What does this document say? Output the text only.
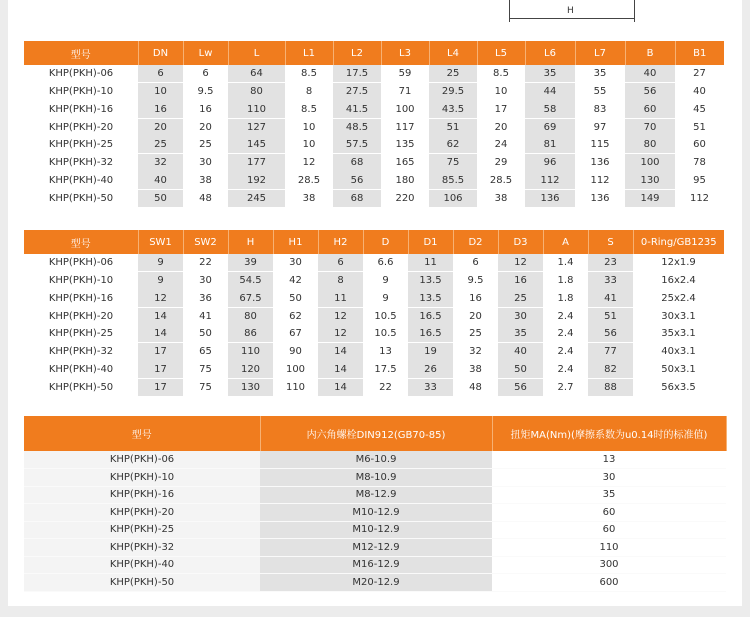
H
型号	DN	Lw	L	L1	L2	L3	L4	L5	L6	L7	B	B1
KHP(PKH)-06	6	6	64	8.5	17.5	59	25	8.5	35	35	40	27
KHP(PKH)-10	10	9.5	80	8	27.5	71	29.5	10	44	55	56	40
KHP(PKH)-16	16	16	110	8.5	41.5	100	43.5	17	58	83	60	45
KHP(PKH)-20	20	20	127	10	48.5	117	51	20	69	97	70	51
KHP(PKH)-25	25	25	145	10	57.5	135	62	24	81	115	80	60
KHP(PKH)-32	32	30	177	12	68	165	75	29	96	136	100	78
KHP(PKH)-40	40	38	192	28.5	56	180	85.5	28.5	112	112	130	95
KHP(PKH)-50	50	48	245	38	68	220	106	38	136	136	149	112
型号	SW1	SW2	H	H1	H2	D	D1	D2	D3	A	S	0-Ring/GB1235
KHP(PKH)-06	9	22	39	30	6	6.6	11	6	12	1.4	23	12x1.9
KHP(PKH)-10	9	30	54.5	42	8	9	13.5	9.5	16	1.8	33	16x2.4
KHP(PKH)-16	12	36	67.5	50	11	9	13.5	16	25	1.8	41	25x2.4
KHP(PKH)-20	14	41	80	62	12	10.5	16.5	20	30	2.4	51	30x3.1
KHP(PKH)-25	14	50	86	67	12	10.5	16.5	25	35	2.4	56	35x3.1
KHP(PKH)-32	17	65	110	90	14	13	19	32	40	2.4	77	40x3.1
KHP(PKH)-40	17	75	120	100	14	17.5	26	38	50	2.4	82	50x3.1
KHP(PKH)-50	17	75	130	110	14	22	33	48	56	2.7	88	56x3.5
型号	内六角螺栓DIN912(GB70-85)	扭矩MA(Nm)(摩擦系数为u0.14时的标准值)
KHP(PKH)-06	M6-10.9	13
KHP(PKH)-10	M8-10.9	30
KHP(PKH)-16	M8-12.9	35
KHP(PKH)-20	M10-12.9	60
KHP(PKH)-25	M10-12.9	60
KHP(PKH)-32	M12-12.9	110
KHP(PKH)-40	M16-12.9	300
KHP(PKH)-50	M20-12.9	600
